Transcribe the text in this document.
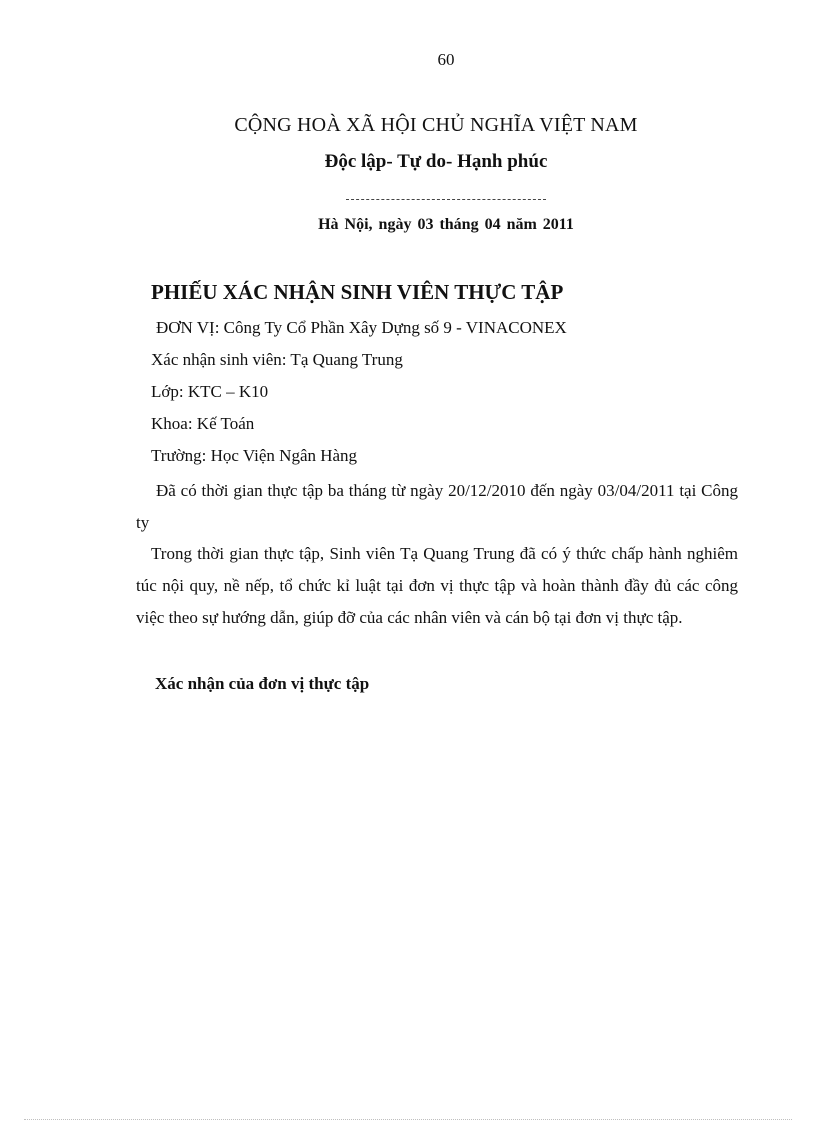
60
CỘNG HOÀ XÃ HỘI CHỦ NGHĨA VIỆT NAM
Độc lập- Tự do- Hạnh phúc
Hà Nội, ngày 03 tháng 04 năm 2011
PHIẾU XÁC NHẬN SINH VIÊN THỰC TẬP
ĐƠN VỊ: Công Ty Cổ Phần Xây Dựng số 9 - VINACONEX
Xác nhận sinh viên: Tạ Quang Trung
Lớp: KTC – K10
Khoa: Kế Toán
Trường: Học Viện Ngân Hàng
Đã có thời gian thực tập ba tháng từ ngày 20/12/2010 đến ngày 03/04/2011 tại Công ty
Trong thời gian thực tập, Sinh viên Tạ Quang Trung đã có ý thức chấp hành nghiêm túc nội quy, nề nếp, tổ chức kỉ luật tại đơn vị thực tập và hoàn thành đầy đủ các công việc theo sự hướng dẫn, giúp đỡ của các nhân viên và cán bộ tại đơn vị thực tập.
Xác nhận của đơn vị thực tập
